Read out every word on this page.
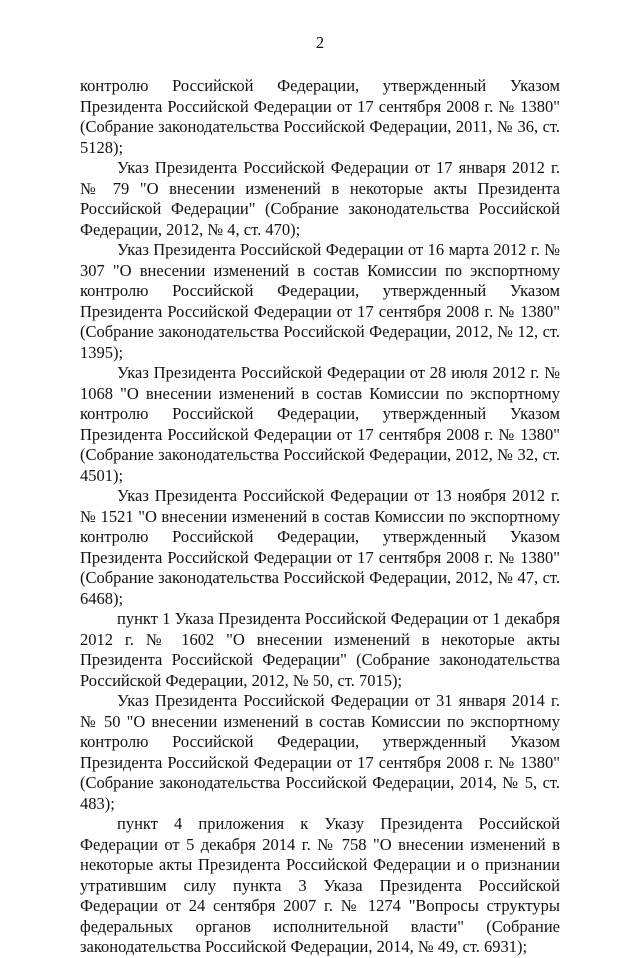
2

контролю Российской Федерации, утвержденный Указом Президента Российской Федерации от 17 сентября 2008 г. № 1380" (Собрание законодательства Российской Федерации, 2011, № 36, ст. 5128);

Указ Президента Российской Федерации от 17 января 2012 г. № 79 "О внесении изменений в некоторые акты Президента Российской Федерации" (Собрание законодательства Российской Федерации, 2012, № 4, ст. 470);

Указ Президента Российской Федерации от 16 марта 2012 г. № 307 "О внесении изменений в состав Комиссии по экспортному контролю Российской Федерации, утвержденный Указом Президента Российской Федерации от 17 сентября 2008 г. № 1380" (Собрание законодательства Российской Федерации, 2012, № 12, ст. 1395);

Указ Президента Российской Федерации от 28 июля 2012 г. № 1068 "О внесении изменений в состав Комиссии по экспортному контролю Российской Федерации, утвержденный Указом Президента Российской Федерации от 17 сентября 2008 г. № 1380" (Собрание законодательства Российской Федерации, 2012, № 32, ст. 4501);

Указ Президента Российской Федерации от 13 ноября 2012 г. № 1521 "О внесении изменений в состав Комиссии по экспортному контролю Российской Федерации, утвержденный Указом Президента Российской Федерации от 17 сентября 2008 г. № 1380" (Собрание законодательства Российской Федерации, 2012, № 47, ст. 6468);

пункт 1 Указа Президента Российской Федерации от 1 декабря 2012 г. № 1602 "О внесении изменений в некоторые акты Президента Российской Федерации" (Собрание законодательства Российской Федерации, 2012, № 50, ст. 7015);

Указ Президента Российской Федерации от 31 января 2014 г. № 50 "О внесении изменений в состав Комиссии по экспортному контролю Российской Федерации, утвержденный Указом Президента Российской Федерации от 17 сентября 2008 г. № 1380" (Собрание законодательства Российской Федерации, 2014, № 5, ст. 483);

пункт 4 приложения к Указу Президента Российской Федерации от 5 декабря 2014 г. № 758 "О внесении изменений в некоторые акты Президента Российской Федерации и о признании утратившим силу пункта 3 Указа Президента Российской Федерации от 24 сентября 2007 г. № 1274 "Вопросы структуры федеральных органов исполнительной власти" (Собрание законодательства Российской Федерации, 2014, № 49, ст. 6931);
